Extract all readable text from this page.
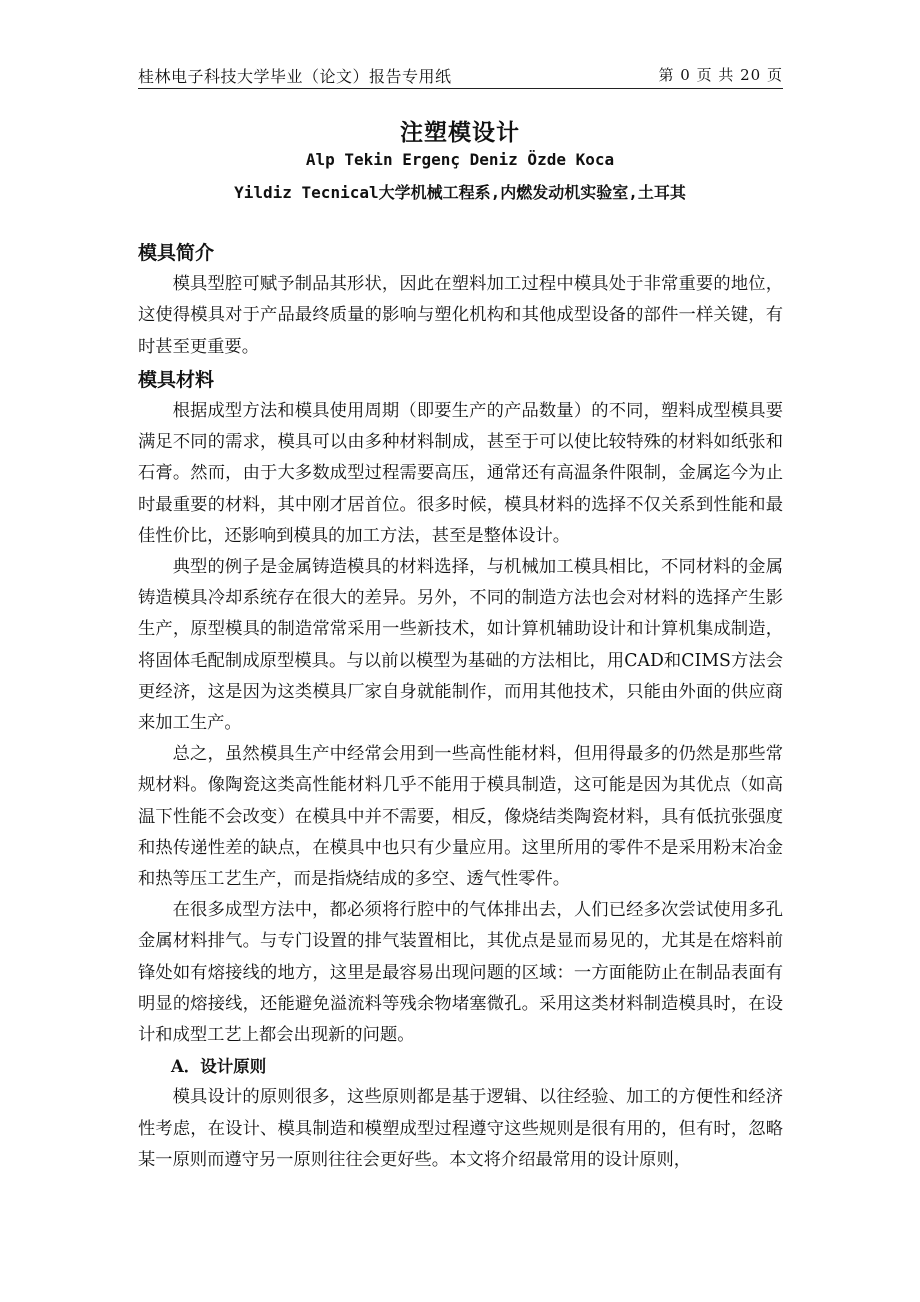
桂林电子科技大学毕业（论文）报告专用纸	第 0 页 共 20 页
注塑模设计
Alp Tekin Ergenç Deniz Özde Koca
Yildiz Tecnical大学机械工程系,内燃发动机实验室,土耳其
模具简介

模具型腔可赋予制品其形状，因此在塑料加工过程中模具处于非常重要的地位，这使得模具对于产品最终质量的影响与塑化机构和其他成型设备的部件一样关键，有时甚至更重要。

模具材料

根据成型方法和模具使用周期（即要生产的产品数量）的不同，塑料成型模具要满足不同的需求，模具可以由多种材料制成，甚至于可以使比较特殊的材料如纸张和石膏。然而，由于大多数成型过程需要高压，通常还有高温条件限制，金属迄今为止时最重要的材料，其中刚才居首位。很多时候，模具材料的选择不仅关系到性能和最佳性价比，还影响到模具的加工方法，甚至是整体设计。

典型的例子是金属铸造模具的材料选择，与机械加工模具相比，不同材料的金属铸造模具冷却系统存在很大的差异。另外，不同的制造方法也会对材料的选择产生影生产，原型模具的制造常常采用一些新技术，如计算机辅助设计和计算机集成制造，将固体毛配制成原型模具。与以前以模型为基础的方法相比，用CAD和CIMS方法会更经济，这是因为这类模具厂家自身就能制作，而用其他技术，只能由外面的供应商来加工生产。

总之，虽然模具生产中经常会用到一些高性能材料，但用得最多的仍然是那些常规材料。像陶瓷这类高性能材料几乎不能用于模具制造，这可能是因为其优点（如高温下性能不会改变）在模具中并不需要，相反，像烧结类陶瓷材料，具有低抗张强度和热传递性差的缺点，在模具中也只有少量应用。这里所用的零件不是采用粉末冶金和热等压工艺生产，而是指烧结成的多空、透气性零件。

在很多成型方法中，都必须将行腔中的气体排出去，人们已经多次尝试使用多孔金属材料排气。与专门设置的排气装置相比，其优点是显而易见的，尤其是在熔料前锋处如有熔接线的地方，这里是最容易出现问题的区域：一方面能防止在制品表面有明显的熔接线，还能避免溢流料等残余物堵塞微孔。采用这类材料制造模具时，在设计和成型工艺上都会出现新的问题。

A．设计原则

模具设计的原则很多，这些原则都是基于逻辑、以往经验、加工的方便性和经济性考虑，在设计、模具制造和模塑成型过程遵守这些规则是很有用的，但有时，忽略某一原则而遵守另一原则往往会更好些。本文将介绍最常用的设计原则，
